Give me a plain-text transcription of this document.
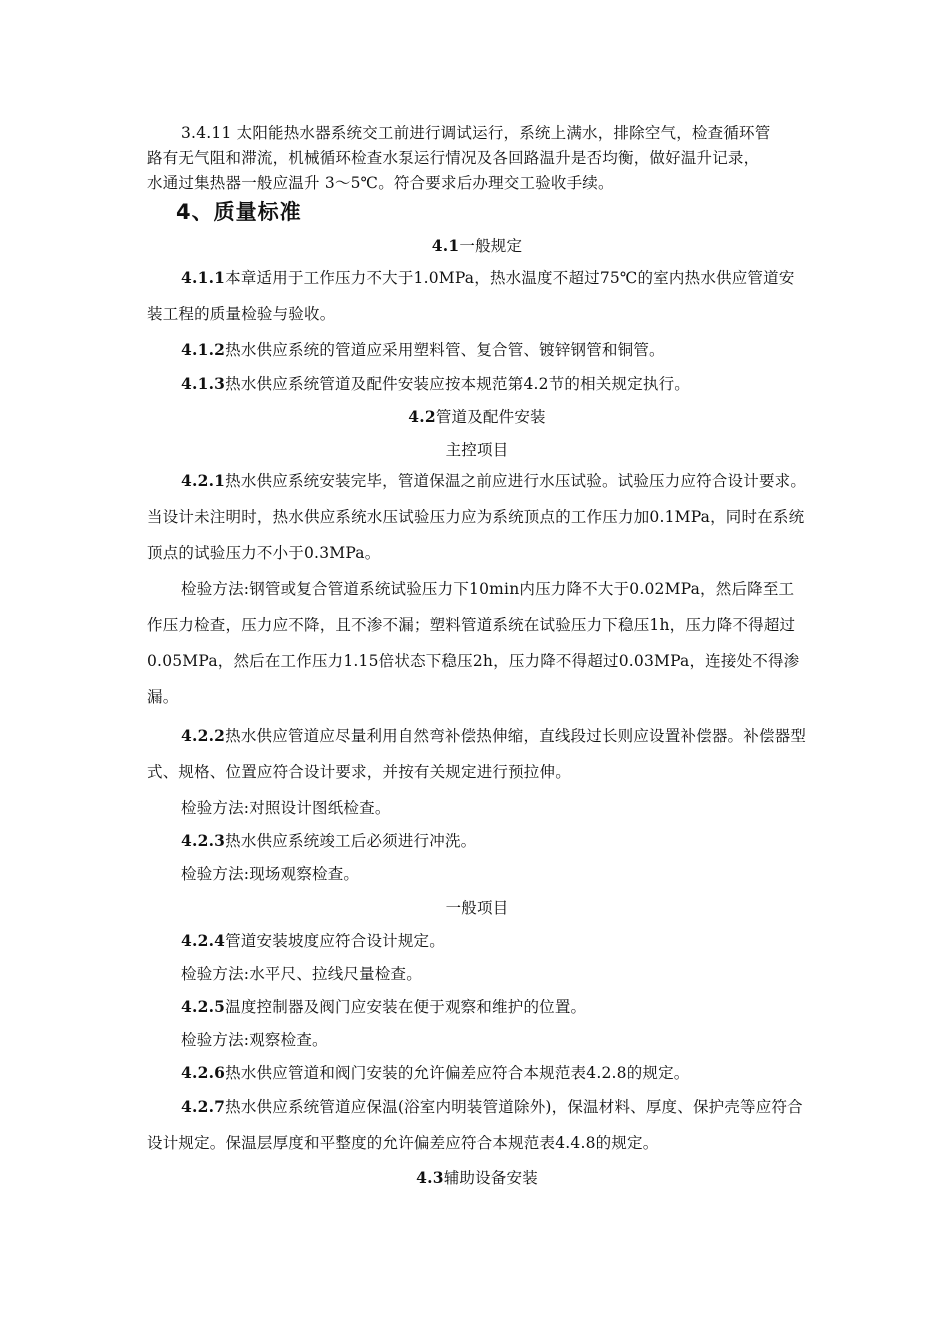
3.4.11 太阳能热水器系统交工前进行调试运行，系统上满水，排除空气，检查循环管

路有无气阻和滞流，机械循环检查水泵运行情况及各回路温升是否均衡，做好温升记录，

水通过集热器一般应温升 3～5℃。符合要求后办理交工验收手续。

4、质量标准

4.1一般规定

4.1.1本章适用于工作压力不大于1.0MPa，热水温度不超过75℃的室内热水供应管道安装工程的质量检验与验收。

4.1.2热水供应系统的管道应采用塑料管、复合管、镀锌钢管和铜管。

4.1.3热水供应系统管道及配件安装应按本规范第4.2节的相关规定执行。

4.2管道及配件安装

主控项目

4.2.1热水供应系统安装完毕，管道保温之前应进行水压试验。试验压力应符合设计要求。当设计未注明时，热水供应系统水压试验压力应为系统顶点的工作压力加0.1MPa，同时在系统顶点的试验压力不小于0.3MPa。

检验方法:钢管或复合管道系统试验压力下10min内压力降不大于0.02MPa，然后降至工作压力检查，压力应不降，且不渗不漏；塑料管道系统在试验压力下稳压1h，压力降不得超过0.05MPa，然后在工作压力1.15倍状态下稳压2h，压力降不得超过0.03MPa，连接处不得渗漏。

4.2.2热水供应管道应尽量利用自然弯补偿热伸缩，直线段过长则应设置补偿器。补偿器型式、规格、位置应符合设计要求，并按有关规定进行预拉伸。

检验方法:对照设计图纸检查。

4.2.3热水供应系统竣工后必须进行冲洗。

检验方法:现场观察检查。

一般项目

4.2.4管道安装坡度应符合设计规定。

检验方法:水平尺、拉线尺量检查。

4.2.5温度控制器及阀门应安装在便于观察和维护的位置。

检验方法:观察检查。

4.2.6热水供应管道和阀门安装的允许偏差应符合本规范表4.2.8的规定。

4.2.7热水供应系统管道应保温(浴室内明装管道除外)，保温材料、厚度、保护壳等应符合设计规定。保温层厚度和平整度的允许偏差应符合本规范表4.4.8的规定。

4.3辅助设备安装
